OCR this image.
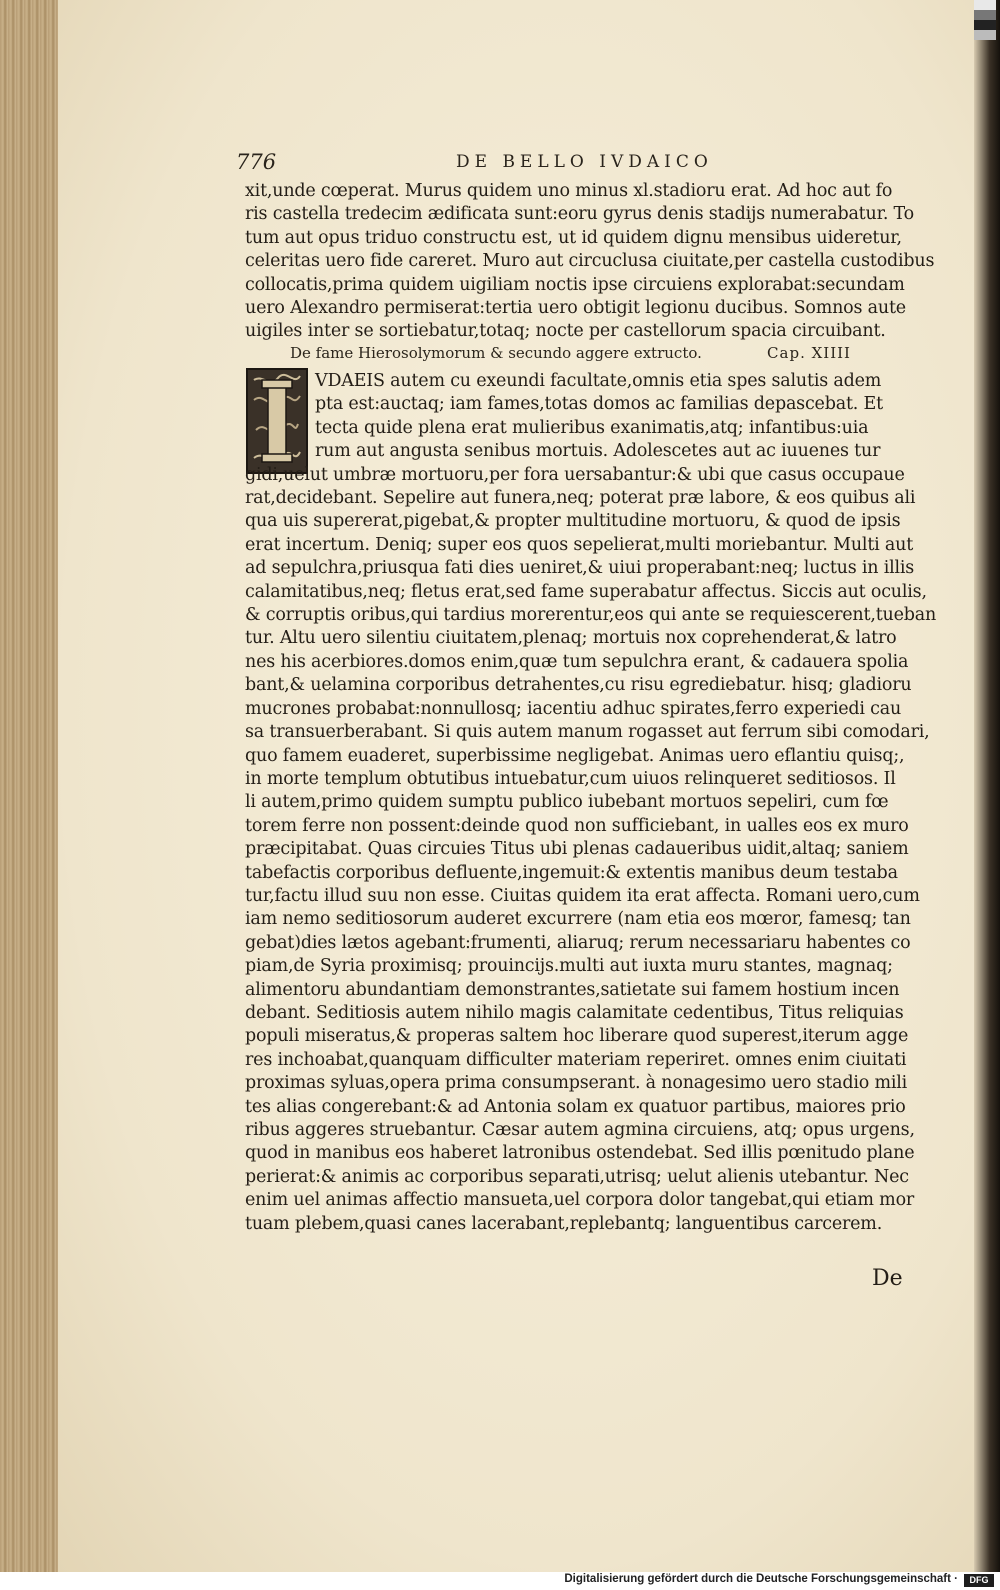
776	DE BELLO IVDAICO
xit,unde cœperat. Murus quidem uno minus xl.stadioru erat. Ad hoc aut fo
ris castella tredecim ædificata sunt:eoru gyrus denis stadijs numerabatur. To
tum aut opus triduo constructu est, ut id quidem dignu mensibus uideretur,
celeritas uero fide careret. Muro aut circuclusa ciuitate,per castella custodibus
collocatis,prima quidem uigiliam noctis ipse circuiens explorabat:secundam
uero Alexandro permiserat:tertia uero obtigit legionu ducibus. Somnos aute
uigiles inter se sortiebatur,totaq; nocte per castellorum spacia circuibant.
De fame Hierosolymorum & secundo aggere extructo.	Cap. XIIII
VDAEIS autem cu exeundi facultate,omnis etia spes salutis adem
pta est:auctaq; iam fames,totas domos ac familias depascebat. Et
tecta quide plena erat mulieribus exanimatis,atq; infantibus:uia
rum aut angusta senibus mortuis. Adolescetes aut ac iuuenes tur
gidi,uelut umbræ mortuoru,per fora uersabantur:& ubi que casus occupaue
rat,decidebant. Sepelire aut funera,neq; poterat præ labore, & eos quibus ali
qua uis supererat,pigebat,& propter multitudine mortuoru, & quod de ipsis
erat incertum. Deniq; super eos quos sepelierat,multi moriebantur. Multi aut
ad sepulchra,priusqua fati dies ueniret,& uiui properabant:neq; luctus in illis
calamitatibus,neq; fletus erat,sed fame superabatur affectus. Siccis aut oculis,
& corruptis oribus,qui tardius morerentur,eos qui ante se requiescerent,tueban
tur. Altu uero silentiu ciuitatem,plenaq; mortuis nox coprehenderat,& latro
nes his acerbiores.domos enim,quæ tum sepulchra erant, & cadauera spolia
bant,& uelamina corporibus detrahentes,cu risu egrediebatur. hisq; gladioru
mucrones probabat:nonnullosq; iacentiu adhuc spirates,ferro experiedi cau
sa transuerberabant. Si quis autem manum rogasset aut ferrum sibi comodari,
quo famem euaderet, superbissime negligebat. Animas uero eflantiu quisq;,
in morte templum obtutibus intuebatur,cum uiuos relinqueret seditiosos. Il
li autem,primo quidem sumptu publico iubebant mortuos sepeliri, cum fœ
torem ferre non possent:deinde quod non sufficiebant, in ualles eos ex muro
præcipitabat. Quas circuies Titus ubi plenas cadaueribus uidit,altaq; saniem
tabefactis corporibus defluente,ingemuit:& extentis manibus deum testaba
tur,factu illud suu non esse. Ciuitas quidem ita erat affecta. Romani uero,cum
iam nemo seditiosorum auderet excurrere (nam etia eos mœror, famesq; tan
gebat)dies lætos agebant:frumenti, aliaruq; rerum necessariaru habentes co
piam,de Syria proximisq; prouincijs.multi aut iuxta muru stantes, magnaq;
alimentoru abundantiam demonstrantes,satietate sui famem hostium incen
debant. Seditiosis autem nihilo magis calamitate cedentibus, Titus reliquias
populi miseratus,& properas saltem hoc liberare quod superest,iterum agge
res inchoabat,quanquam difficulter materiam reperiret. omnes enim ciuitati
proximas syluas,opera prima consumpserant. à nonagesimo uero stadio mili
tes alias congerebant:& ad Antonia solam ex quatuor partibus, maiores prio
ribus aggeres struebantur. Cæsar autem agmina circuiens, atq; opus urgens,
quod in manibus eos haberet latronibus ostendebat. Sed illis pœnitudo plane
perierat:& animis ac corporibus separati,utrisq; uelut alienis utebantur. Nec
enim uel animas affectio mansueta,uel corpora dolor tangebat,qui etiam mor
tuam plebem,quasi canes lacerabant,replebantq; languentibus carcerem.
De
Digitalisierung gefördert durch die Deutsche Forschungsgemeinschaft ·	DFG
